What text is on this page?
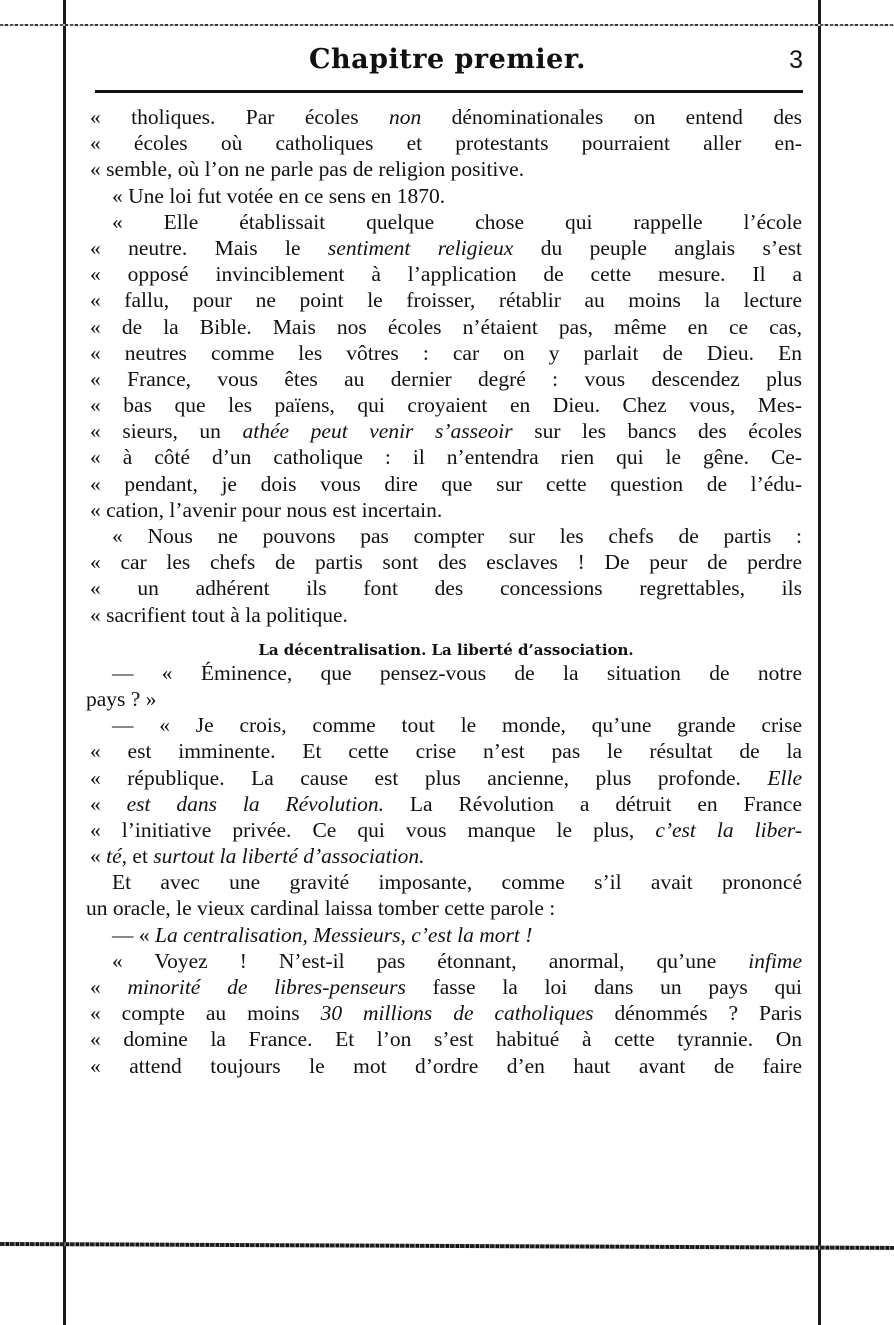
Chapitre premier.	3
« tholiques. Par écoles non dénominationales on entend des
« écoles où catholiques et protestants pourraient aller en-
« semble, où l’on ne parle pas de religion positive.
« Une loi fut votée en ce sens en 1870.
« Elle établissait quelque chose qui rappelle l’école
« neutre. Mais le sentiment religieux du peuple anglais s’est
« opposé invinciblement à l’application de cette mesure. Il a
« fallu, pour ne point le froisser, rétablir au moins la lecture
« de la Bible. Mais nos écoles n’étaient pas, même en ce cas,
« neutres comme les vôtres : car on y parlait de Dieu. En
« France, vous êtes au dernier degré : vous descendez plus
« bas que les païens, qui croyaient en Dieu. Chez vous, Mes-
« sieurs, un athée peut venir s’asseoir sur les bancs des écoles
« à côté d’un catholique : il n’entendra rien qui le gêne. Ce-
« pendant, je dois vous dire que sur cette question de l’édu-
« cation, l’avenir pour nous est incertain.
« Nous ne pouvons pas compter sur les chefs de partis :
« car les chefs de partis sont des esclaves ! De peur de perdre
« un adhérent ils font des concessions regrettables, ils
« sacrifient tout à la politique.
La décentralisation. La liberté d’association.
— « Éminence, que pensez-vous de la situation de notre
pays ? »
— « Je crois, comme tout le monde, qu’une grande crise
« est imminente. Et cette crise n’est pas le résultat de la
« république. La cause est plus ancienne, plus profonde. Elle
« est dans la Révolution. La Révolution a détruit en France
« l’initiative privée. Ce qui vous manque le plus, c’est la liber-
« té, et surtout la liberté d’association.
Et avec une gravité imposante, comme s’il avait prononcé
un oracle, le vieux cardinal laissa tomber cette parole :
— « La centralisation, Messieurs, c’est la mort !
« Voyez ! N’est-il pas étonnant, anormal, qu’une infime
« minorité de libres-penseurs fasse la loi dans un pays qui
« compte au moins 30 millions de catholiques dénommés ? Paris
« domine la France. Et l’on s’est habitué à cette tyrannie. On
« attend toujours le mot d’ordre d’en haut avant de faire
